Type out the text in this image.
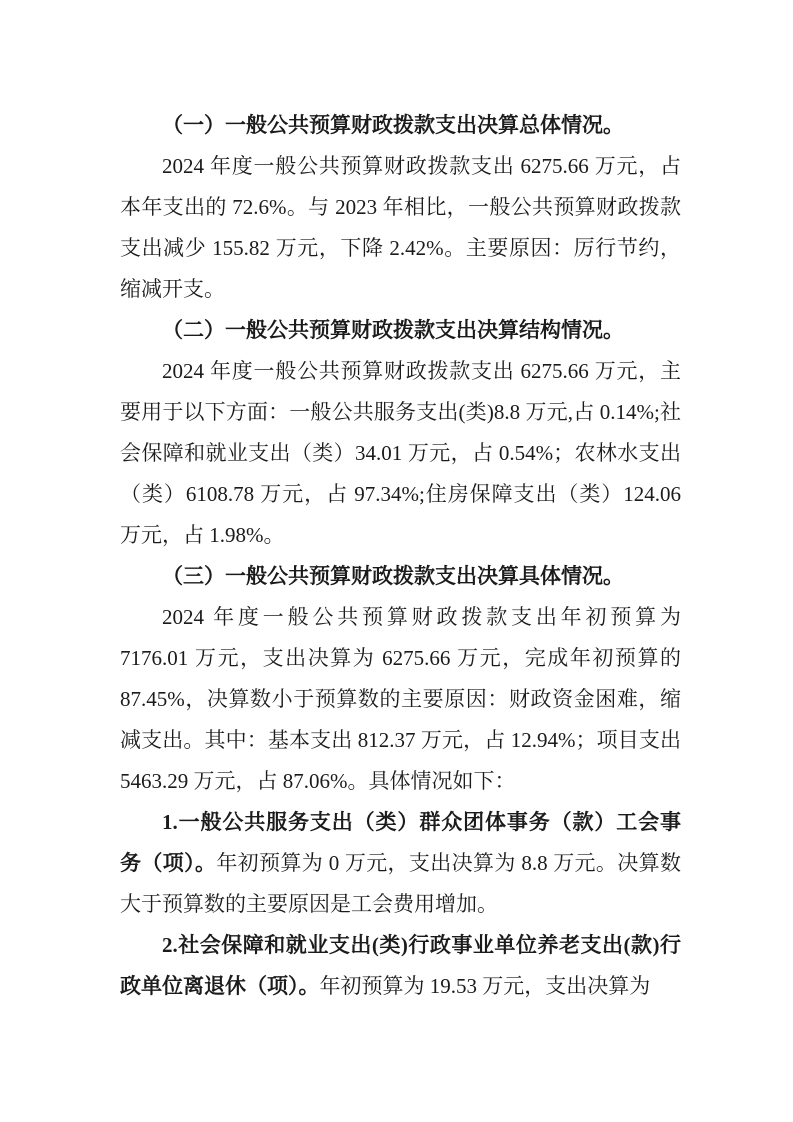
（一）一般公共预算财政拨款支出决算总体情况。

2024 年度一般公共预算财政拨款支出 6275.66 万元，占本年支出的 72.6%。与 2023 年相比，一般公共预算财政拨款支出减少 155.82 万元，下降 2.42%。主要原因：厉行节约，缩减开支。

（二）一般公共预算财政拨款支出决算结构情况。

2024 年度一般公共预算财政拨款支出 6275.66 万元，主要用于以下方面：一般公共服务支出(类)8.8 万元,占 0.14%;社会保障和就业支出（类）34.01 万元，占 0.54%；农林水支出（类）6108.78 万元，占 97.34%;住房保障支出（类）124.06 万元，占 1.98%。

（三）一般公共预算财政拨款支出决算具体情况。

2024 年度一般公共预算财政拨款支出年初预算为 7176.01 万元，支出决算为 6275.66 万元，完成年初预算的 87.45%，决算数小于预算数的主要原因：财政资金困难，缩减支出。其中：基本支出 812.37 万元，占 12.94%；项目支出 5463.29 万元，占 87.06%。具体情况如下：

1.一般公共服务支出（类）群众团体事务（款）工会事务（项）。年初预算为 0 万元，支出决算为 8.8 万元。决算数大于预算数的主要原因是工会费用增加。

2.社会保障和就业支出(类)行政事业单位养老支出(款)行政单位离退休（项）。年初预算为 19.53 万元，支出决算为
